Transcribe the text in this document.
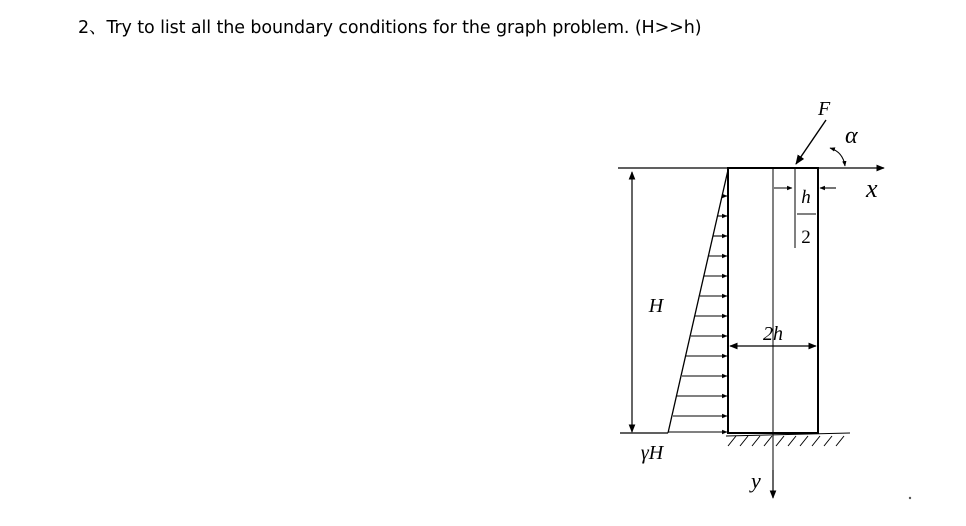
2、Try to list all the boundary conditions for the graph problem. (H>>h)
H
γH
2h
h
2
F
α
x
y
